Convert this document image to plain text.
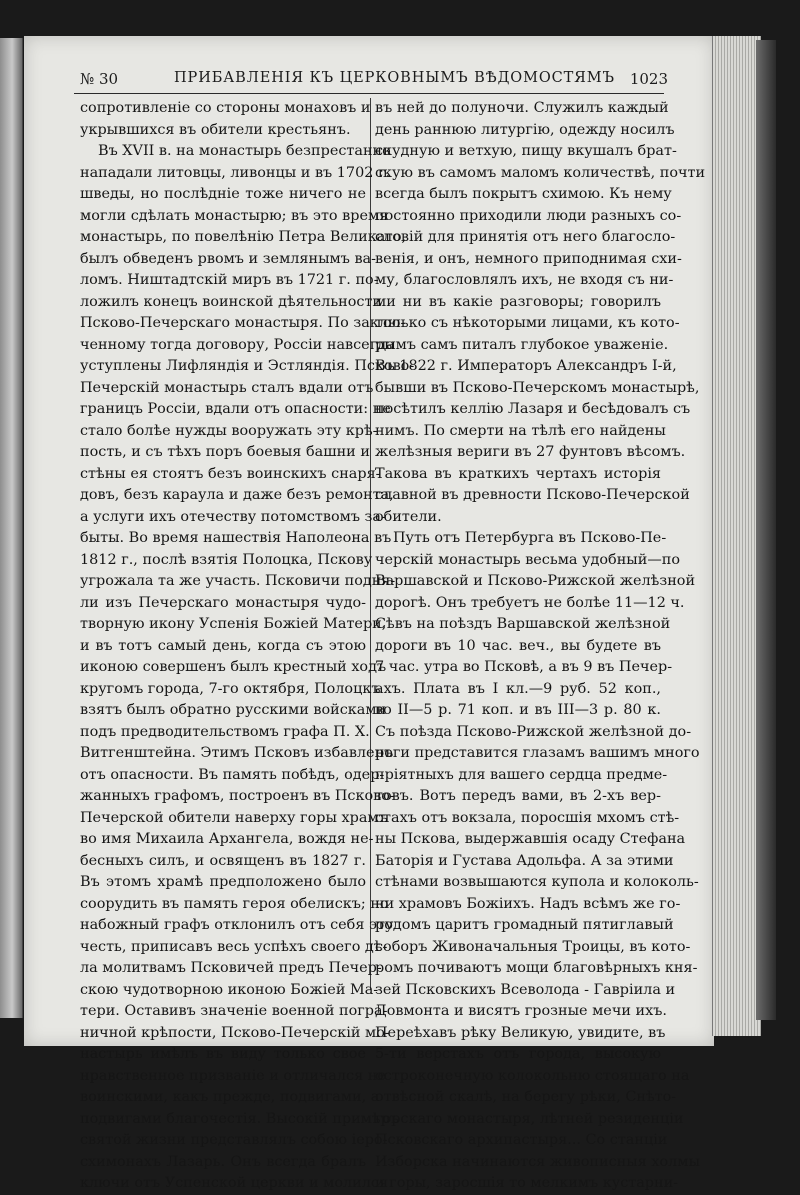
№ 30	ПРИБАВЛЕНІЯ КЪ ЦЕРКОВНЫМЪ ВѢДОМОСТЯМЪ 1023
сопротивленіе со стороны монаховъ и
укрывшихся въ обители крестьянъ.
Въ XVII в. на монастырь безпрестанно
нападали литовцы, ливонцы и въ 1702 г.
шведы, но послѣдніе тоже ничего не
могли сдѣлать монастырю; въ это время
монастырь, по повелѣнію Петра Великаго,
былъ обведенъ рвомъ и землянымъ ва-
ломъ. Ништадтскій миръ въ 1721 г. по-
ложилъ конецъ воинской дѣятельности
Псково-Печерскаго монастыря. По заклю-
ченному тогда договору, Россіи навсегда
уступлены Лифляндія и Эстляндія. Псково-
Печерскій монастырь сталъ вдали отъ
границъ Россіи, вдали отъ опасности: не
стало болѣе нужды вооружать эту крѣ-
пость, и съ тѣхъ поръ боевыя башни и
стѣны ея стоятъ безъ воинскихъ снаря-
довъ, безъ караула и даже безъ ремонта,
а услуги ихъ отечеству потомствомъ за-
быты. Во время нашествія Наполеона въ
1812 г., послѣ взятія Полоцка, Пскову
угрожала та же участь. Псковичи подня-
ли изъ Печерскаго монастыря чудо-
творную икону Успенія Божіей Матери,
и въ тотъ самый день, когда съ этою
иконою совершенъ былъ крестный ходъ
кругомъ города, 7-го октября, Полоцкъ
взятъ былъ обратно русскими войсками
подъ предводительствомъ графа П. Х.
Витгенштейна. Этимъ Псковъ избавленъ
отъ опасности. Въ память побѣдъ, одер-
жанныхъ графомъ, построенъ въ Псково-
Печерской обители наверху горы храмъ
во имя Михаила Архангела, вождя не-
бесныхъ силъ, и освященъ въ 1827 г.
Въ этомъ храмѣ предположено было
соорудить въ память героя обелискъ; но
набожный графъ отклонилъ отъ себя эту
честь, приписавъ весь успѣхъ своего дѣ-
ла молитвамъ Псковичей предъ Печер-
скою чудотворною иконою Божіей Ма-
тери. Оставивъ значеніе военной погра-
ничной крѣпости, Псково-Печерскій мо-
настырь имѣлъ въ виду только свое
нравственное призваніе и отличался не
воинскими, какъ прежде, подвигами, а
подвигами благочестія. Высокій примѣръ
святой жизни представлялъ собою іеро-
схимонахъ Лазарь. Онъ всегда бралъ
ключи отъ Успенской церкви и молился
въ ней до полуночи. Служилъ каждый
день раннюю литургію, одежду носилъ
скудную и ветхую, пищу вкушалъ брат-
скую въ самомъ маломъ количествѣ, почти
всегда былъ покрытъ схимою. Къ нему
постоянно приходили люди разныхъ со-
словій для принятія отъ него благосло-
венія, и онъ, немного приподнимая схи-
му, благословлялъ ихъ, не входя съ ни-
ми ни въ какіе разговоры; говорилъ
только съ нѣкоторыми лицами, къ кото-
рымъ самъ питалъ глубокое уваженіе.
Въ 1822 г. Императоръ Александръ I-й,
бывши въ Псково-Печерскомъ монастырѣ,
посѣтилъ келлію Лазаря и бесѣдовалъ съ
нимъ. По смерти на тѣлѣ его найдены
желѣзныя вериги въ 27 фунтовъ вѣсомъ.
Такова въ краткихъ чертахъ исторія
славной въ древности Псково-Печерской
обители.
Путь отъ Петербурга въ Псково-Пе-
черскій монастырь весьма удобный—по
Варшавской и Псково-Рижской желѣзной
дорогѣ. Онъ требуетъ не болѣе 11—12 ч.
Сѣвъ на поѣздъ Варшавской желѣзной
дороги въ 10 час. веч., вы будете въ
7 час. утра во Псковѣ, а въ 9 въ Печер-
ахъ. Плата въ I кл.—9 руб. 52 коп.,
во II—5 р. 71 коп. и въ III—3 р. 80 к.
Съ поѣзда Псково-Рижской желѣзной до-
роги представится глазамъ вашимъ много
пріятныхъ для вашего сердца предме-
товъ. Вотъ передъ вами, въ 2-хъ вер-
стахъ отъ вокзала, поросшія мхомъ стѣ-
ны Пскова, выдержавшія осаду Стефана
Баторія и Густава Адольфа. А за этими
стѣнами возвышаются купола и колоколь-
ни храмовъ Божіихъ. Надъ всѣмъ же го-
родомъ царитъ громадный пятиглавый
соборъ Живоначальныя Троицы, въ кото-
ромъ почиваютъ мощи благовѣрныхъ кня-
зей Псковскихъ Всеволода - Гавріила и
Довмонта и висятъ грозные мечи ихъ.
Переѣхавъ рѣку Великую, увидите, въ
5-ти верстахъ отъ города, высокую
остроконечную колокольню стоящаго на
отвѣсной скалѣ, на берегу рѣки, Снѣто-
горскаго монастыря, лѣтней резиденціи
Псковскаго архипастыря... Со станціи
Изборска начинаются живописныя холмы
и горы, заросшія то мелкимъ кустарни-
